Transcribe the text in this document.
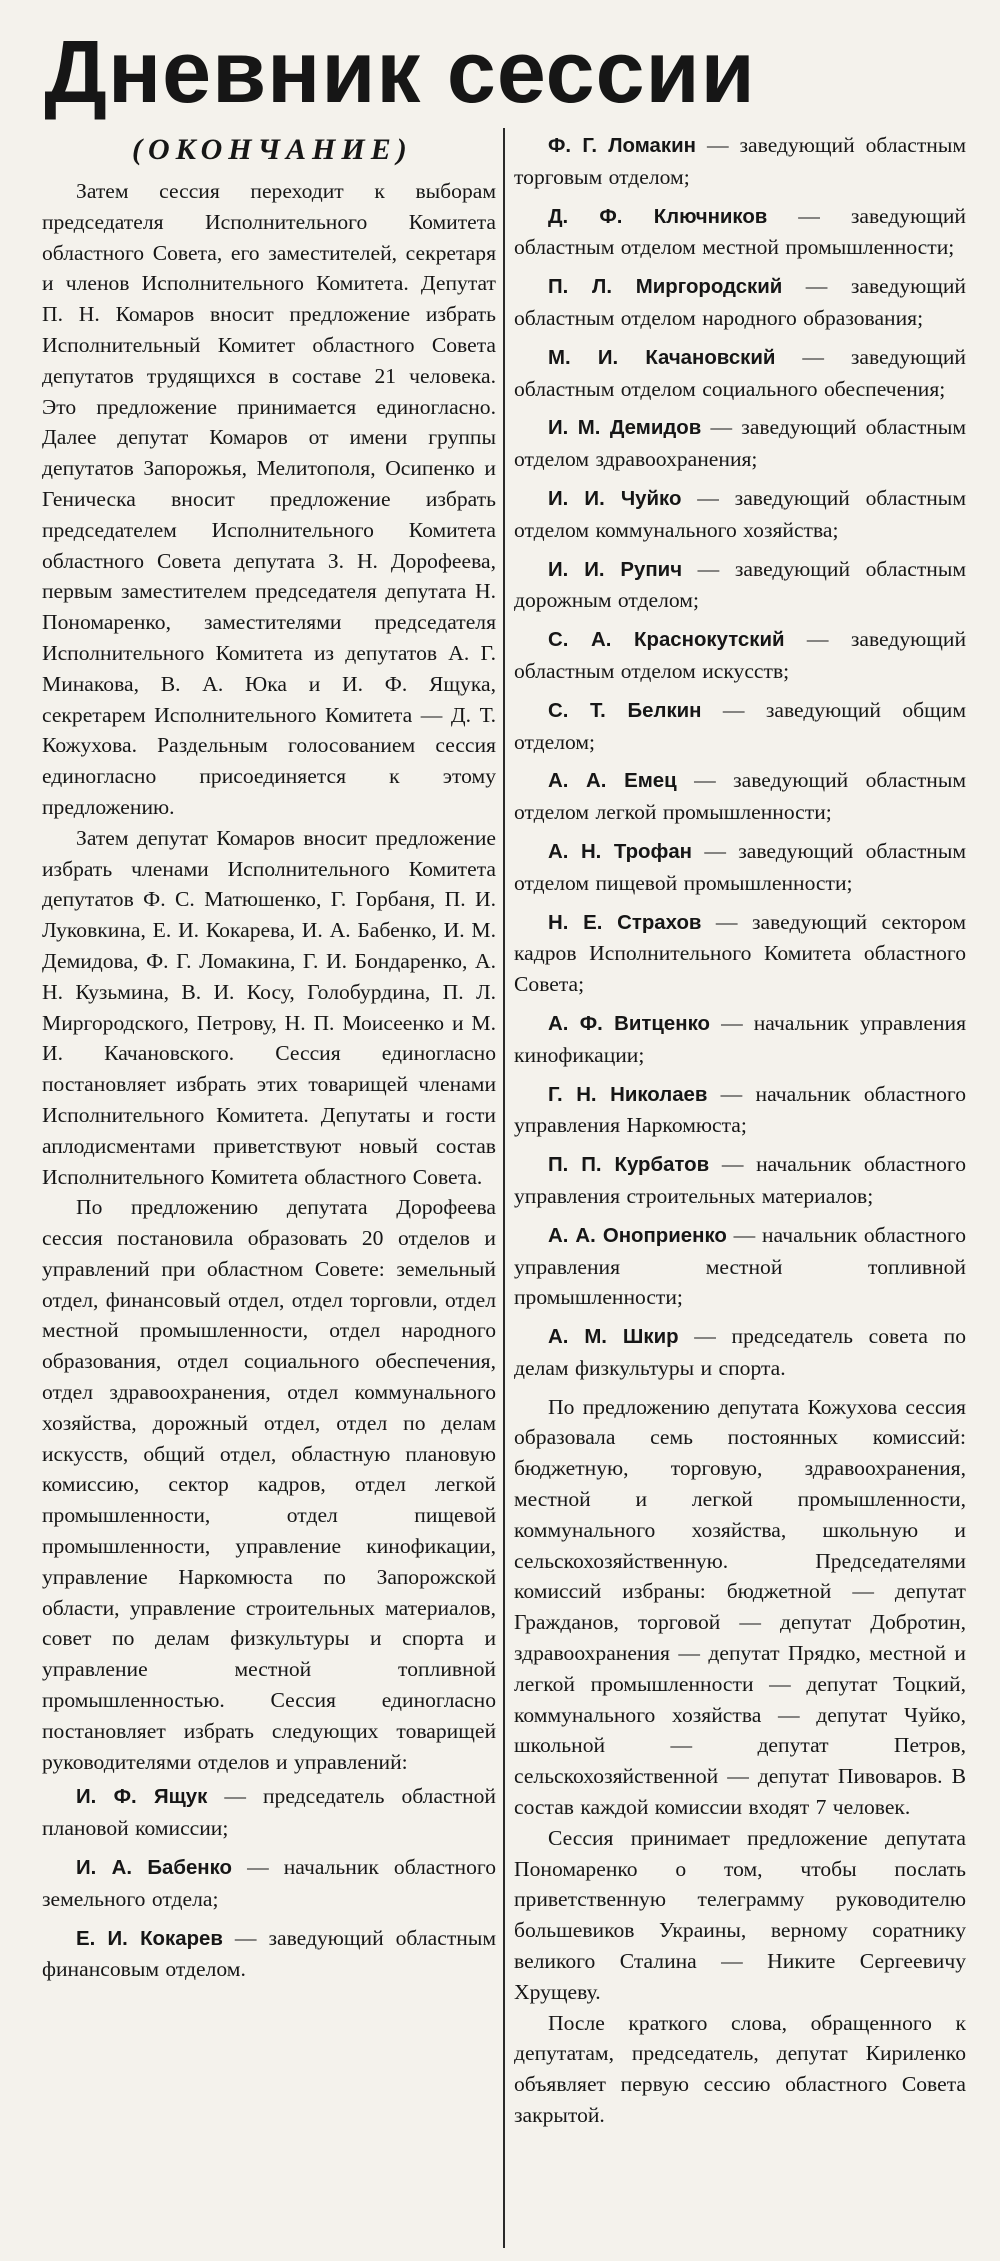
Дневник сессии
(ОКОНЧАНИЕ)

Затем сессия переходит к выборам председателя Исполнительного Комитета областного Совета, его заместителей, секретаря и членов Исполнительного Комитета. Депутат П. Н. Комаров вносит предложение избрать Исполнительный Комитет областного Совета депутатов трудящихся в составе 21 человека. Это предложение принимается единогласно. Далее депутат Комаров от имени группы депутатов Запорожья, Мелитополя, Осипенко и Геническа вносит предложение избрать председателем Исполнительного Комитета областного Совета депутата З. Н. Дорофеева, первым заместителем председателя депутата Н. Пономаренко, заместителями председателя Исполнительного Комитета из депутатов А. Г. Минакова, В. А. Юка и И. Ф. Ящука, секретарем Исполнительного Комитета — Д. Т. Кожухова. Раздельным голосованием сессия единогласно присоединяется к этому предложению.

Затем депутат Комаров вносит предложение избрать членами Исполнительного Комитета депутатов Ф. С. Матюшенко, Г. Горбаня, П. И. Луковкина, Е. И. Кокарева, И. А. Бабенко, И. М. Демидова, Ф. Г. Ломакина, Г. И. Бондаренко, А. Н. Кузьмина, В. И. Косу, Голобурдина, П. Л. Миргородского, Петрову, Н. П. Моисеенко и М. И. Качановского. Сессия единогласно постановляет избрать этих товарищей членами Исполнительного Комитета. Депутаты и гости аплодисментами приветствуют новый состав Исполнительного Комитета областного Совета.

По предложению депутата Дорофеева сессия постановила образовать 20 отделов и управлений при областном Совете: земельный отдел, финансовый отдел, отдел торговли, отдел местной промышленности, отдел народного образования, отдел социального обеспечения, отдел здравоохранения, отдел коммунального хозяйства, дорожный отдел, отдел по делам искусств, общий отдел, областную плановую комиссию, сектор кадров, отдел легкой промышленности, отдел пищевой промышленности, управление кинофикации, управление Наркомюста по Запорожской области, управление строительных материалов, совет по делам физкультуры и спорта и управление местной топливной промышленностью. Сессия единогласно постановляет избрать следующих товарищей руководителями отделов и управлений:

И. Ф. Ящук — председатель областной плановой комиссии;
И. А. Бабенко — начальник областного земельного отдела;
Е. И. Кокарев — заведующий областным финансовым отделом.
Ф. Г. Ломакин — заведующий областным торговым отделом;
Д. Ф. Ключников — заведующий областным отделом местной промышленности;
П. Л. Миргородский — заведующий областным отделом народного образования;
М. И. Качановский — заведующий областным отделом социального обеспечения;
И. М. Демидов — заведующий областным отделом здравоохранения;
И. И. Чуйко — заведующий областным отделом коммунального хозяйства;
И. И. Рупич — заведующий областным дорожным отделом;
С. А. Краснокутский — заведующий областным отделом искусств;
С. Т. Белкин — заведующий общим отделом;
А. А. Емец — заведующий областным отделом легкой промышленности;
А. Н. Трофан — заведующий областным отделом пищевой промышленности;
Н. Е. Страхов — заведующий сектором кадров Исполнительного Комитета областного Совета;
А. Ф. Витценко — начальник управления кинофикации;
Г. Н. Николаев — начальник областного управления Наркомюста;
П. П. Курбатов — начальник областного управления строительных материалов;
А. А. Оноприенко — начальник областного управления местной топливной промышленности;
А. М. Шкир — председатель совета по делам физкультуры и спорта.

По предложению депутата Кожухова сессия образовала семь постоянных комиссий: бюджетную, торговую, здравоохранения, местной и легкой промышленности, коммунального хозяйства, школьную и сельскохозяйственную. Председателями комиссий избраны: бюджетной — депутат Гражданов, торговой — депутат Добротин, здравоохранения — депутат Прядко, местной и легкой промышленности — депутат Тоцкий, коммунального хозяйства — депутат Чуйко, школьной — депутат Петров, сельскохозяйственной — депутат Пивоваров. В состав каждой комиссии входят 7 человек.

Сессия принимает предложение депутата Пономаренко о том, чтобы послать приветственную телеграмму руководителю большевиков Украины, верному соратнику великого Сталина — Никите Сергеевичу Хрущеву.

После краткого слова, обращенного к депутатам, председатель, депутат Кириленко объявляет первую сессию областного Совета закрытой.
